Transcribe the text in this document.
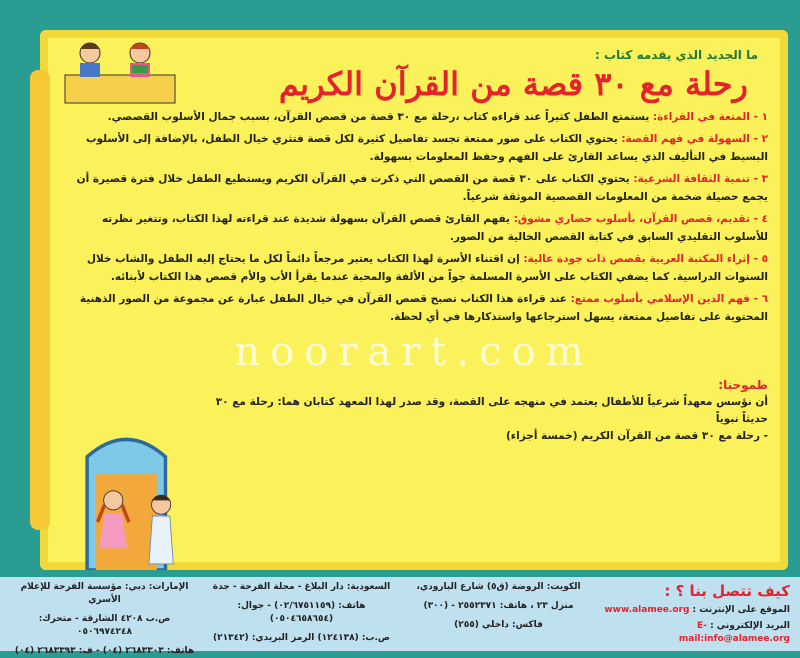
ما الجديد الذي يقدمه كتاب :
رحلة مع ٣٠ قصة من القرآن الكريم
١ - المتعة في القراءة: يستمتع الطفل كثيراً عند قراءه كتاب ،رحلة مع ٣٠ قصة من قصص القرآن، بسبب جمال الأسلوب القصصي.
٢ - السهولة في فهم القصة: يحتوي الكتاب على صور ممتعة تجسد تفاصيل كثيرة لكل قصة فتثري خيال الطفل، بالإضافة إلى الأسلوب البسيط في التأليف الذي يساعد القارئ على الفهم وحفظ المعلومات بسهولة.
٣ - تنمية الثقافة الشرعية: يحتوي الكتاب على ٣٠ قصة من القصص التي ذكرت في القرآن الكريم ويستطيع الطفل خلال فترة قصيرة أن يجمع حصيلة ضخمة من المعلومات القصصية الموثقة شرعياً.
٤ - تقديم، قصص القرآن، بأسلوب حضاري مشوق: يفهم القارئ قصص القرآن بسهولة شديدة عند قراءته لهذا الكتاب، وتتغير نظرته للأسلوب التقليدي السابق في كتابة القصص الخالية من الصور.
٥ - إثراء المكتبة العربية بقصص ذات جودة عالية: إن اقتناء الأسرة لهذا الكتاب يعتبر مرجعاً دائماً لكل ما يحتاج إليه الطفل والشاب خلال السنوات الدراسية. كما يضفي الكتاب على الأسرة المسلمة جواً من الألفة والمحبة عندما يقرأ الأب والأم قصص هذا الكتاب لأبنائه.
٦ - فهم الدين الإسلامي بأسلوب ممتع: عند قراءة هذا الكتاب تصبح قصص القرآن في خيال الطفل عبارة عن مجموعة من الصور الذهنية المحتوية على تفاصيل ممتعة، يسهل استرجاعها واستذكارها في أي لحظة.
noorart.com
طموحنا:
أن نؤسس معهداً شرعياً للأطفال يعتمد في منهجه على القصة، وقد صدر لهذا المعهد كتابان هما: رحلة مع ٣٠ حديثاً نبوياً
- رحلة مع ٣٠ قصة من القرآن الكريم (خمسة أجزاء)
كيف تتصل بنا ؟ :
الموقع على الإنترنت : www.alamee.org
البريد الإلكتروني : E-mail:info@alamee.org
الكويت: الروضة (ق٥) شارع البارودي،
منزل ٢٣ ، هاتف: ٢٥٥٢٣٧١ - (٣٠٠)
فاكس: داخلي (٢٥٥)
السعودية: دار البلاغ - مجلة الفرحة - جدة
هاتف: (٠٢/٦٧٥١١٥٩) - جوال: (٠٥٠٤٦٥٨٦٥٤)
ص.ب: (١٢٤١٣٨) الرمز البريدي: (٢١٣٤٢)
الإمارات: دبي: مؤسسة الفرحة للإعلام الأسري
ص.ب ٤٢٠٨ الشارقة - متحرك: ٠٥٠٦٩٧٤٢٤٨
هاتف: ٢٦٨٣٣٠٣ (٠٤) - ف: ٢٦٨٣٣٩٣ (٠٤)
